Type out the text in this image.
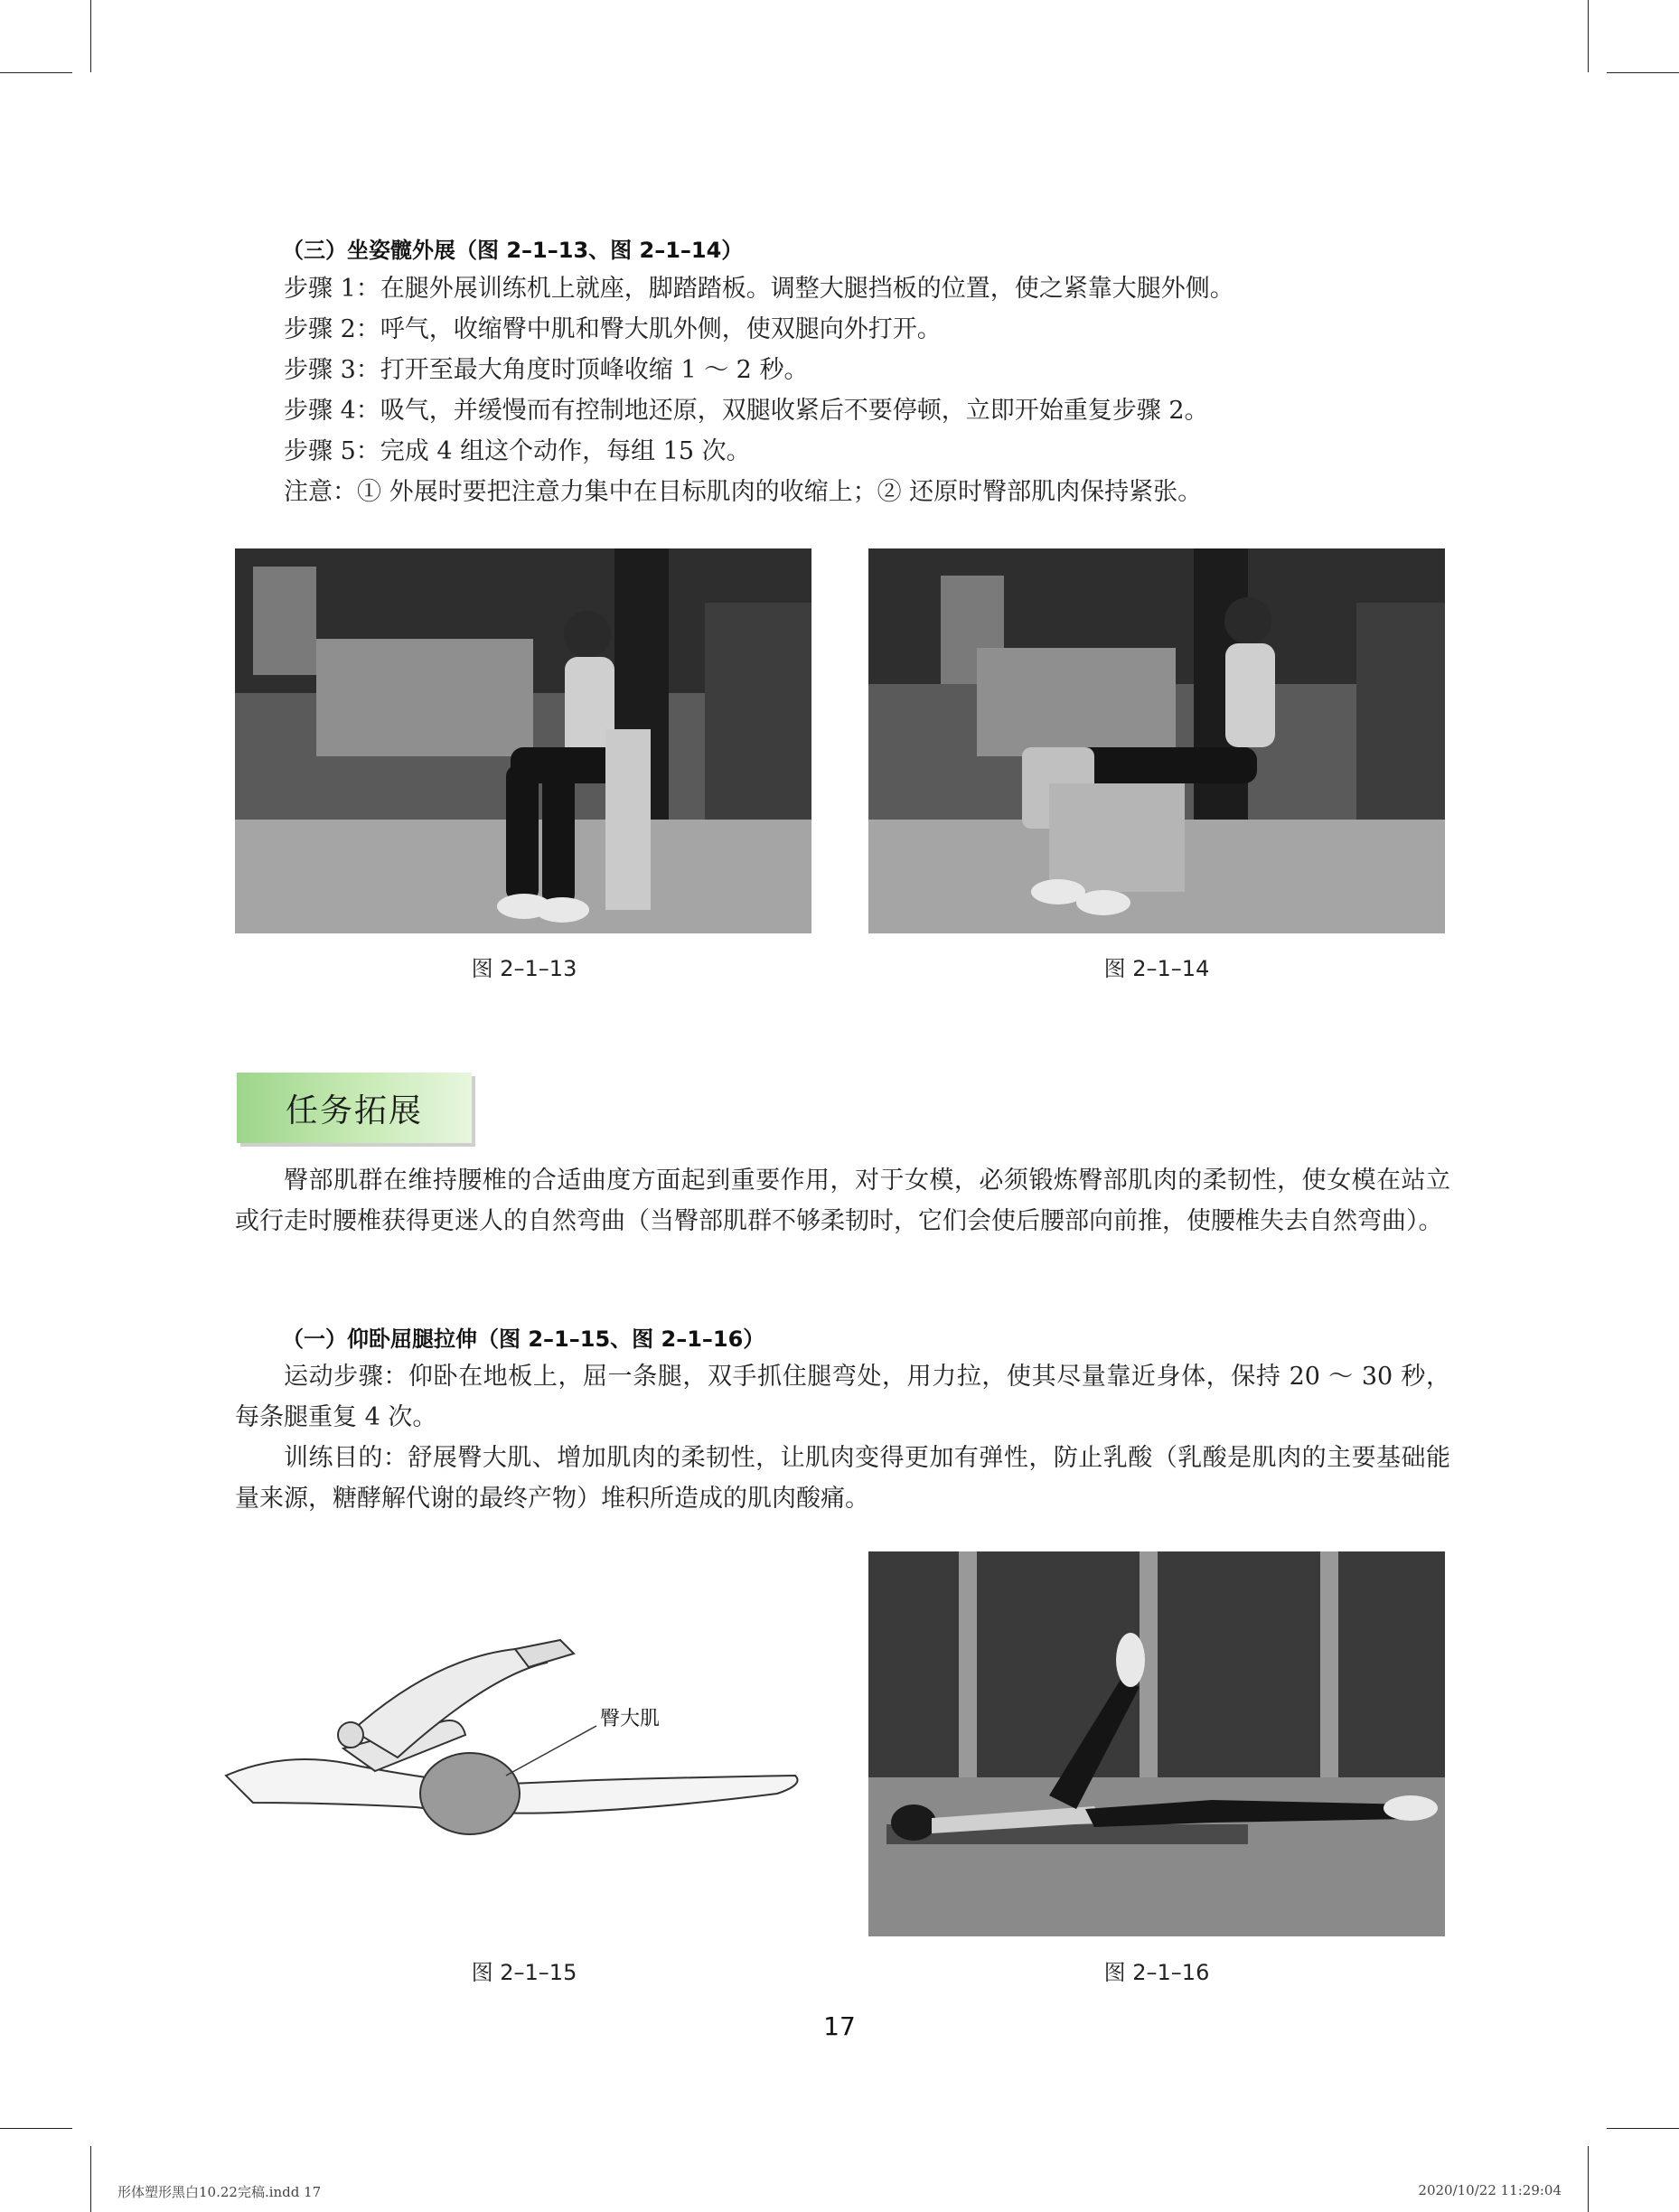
（三）坐姿髋外展（图 2–1–13、图 2–1–14）

步骤 1：在腿外展训练机上就座，脚踏踏板。调整大腿挡板的位置，使之紧靠大腿外侧。

步骤 2：呼气，收缩臀中肌和臀大肌外侧，使双腿向外打开。

步骤 3：打开至最大角度时顶峰收缩 1 ～ 2 秒。

步骤 4：吸气，并缓慢而有控制地还原，双腿收紧后不要停顿，立即开始重复步骤 2。

步骤 5：完成 4 组这个动作，每组 15 次。

注意：① 外展时要把注意力集中在目标肌肉的收缩上；② 还原时臀部肌肉保持紧张。

图 2–1–13	图 2–1–14
任务拓展

臀部肌群在维持腰椎的合适曲度方面起到重要作用，对于女模，必须锻炼臀部肌肉的柔韧性，使女模在站立或行走时腰椎获得更迷人的自然弯曲（当臀部肌群不够柔韧时，它们会使后腰部向前推，使腰椎失去自然弯曲）。

（一）仰卧屈腿拉伸（图 2–1–15、图 2–1–16）

运动步骤：仰卧在地板上，屈一条腿，双手抓住腿弯处，用力拉，使其尽量靠近身体，保持 20 ～ 30 秒，每条腿重复 4 次。

训练目的：舒展臀大肌、增加肌肉的柔韧性，让肌肉变得更加有弹性，防止乳酸（乳酸是肌肉的主要基础能量来源，糖酵解代谢的最终产物）堆积所造成的肌肉酸痛。

臀大肌
图 2–1–15	图 2–1–16
17
形体塑形黑白10.22完稿.indd 17	2020/10/22 11:29:04
